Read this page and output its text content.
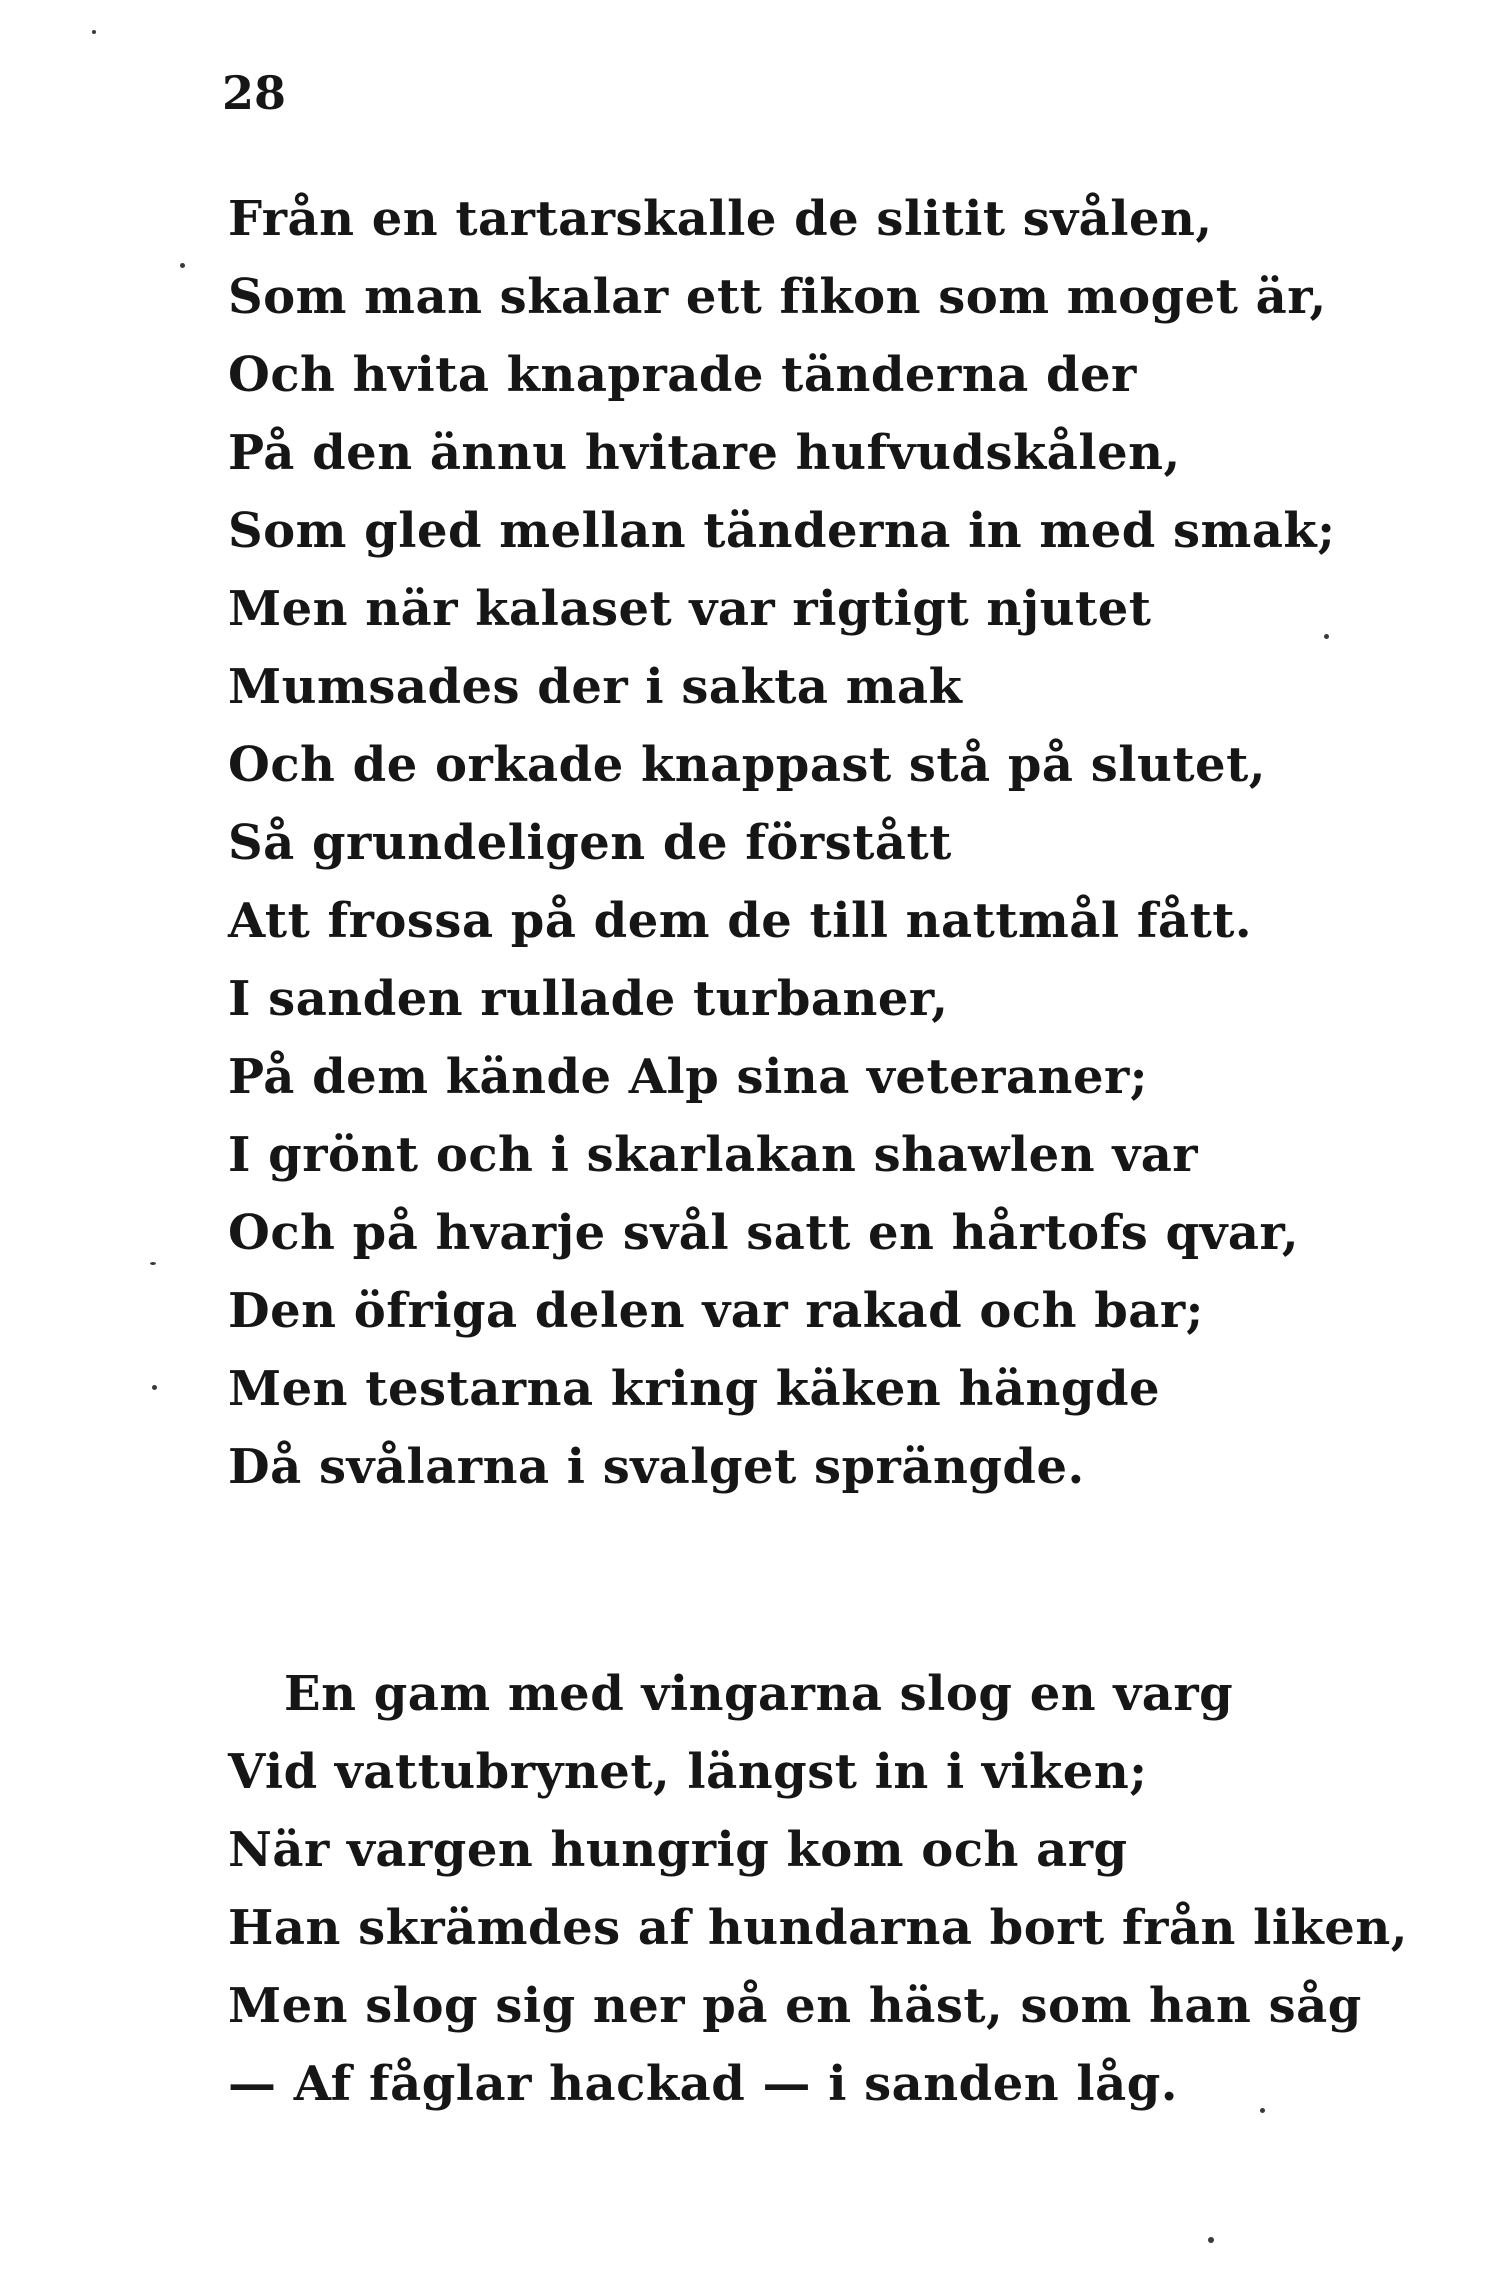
28
Från en tartarskalle de slitit svålen,
Som man skalar ett fikon som moget är,
Och hvita knaprade tänderna der
På den ännu hvitare hufvudskålen,
Som gled mellan tänderna in med smak;
Men när kalaset var rigtigt njutet
Mumsades der i sakta mak
Och de orkade knappast stå på slutet,
Så grundeligen de förstått
Att frossa på dem de till nattmål fått.
I sanden rullade turbaner,
På dem kände Alp sina veteraner;
I grönt och i skarlakan shawlen var
Och på hvarje svål satt en hårtofs qvar,
Den öfriga delen var rakad och bar;
Men testarna kring käken hängde
Då svålarna i svalget sprängde.
En gam med vingarna slog en varg
Vid vattubrynet, längst in i viken;
När vargen hungrig kom och arg
Han skrämdes af hundarna bort från liken,
Men slog sig ner på en häst, som han såg
— Af fåglar hackad — i sanden låg.
